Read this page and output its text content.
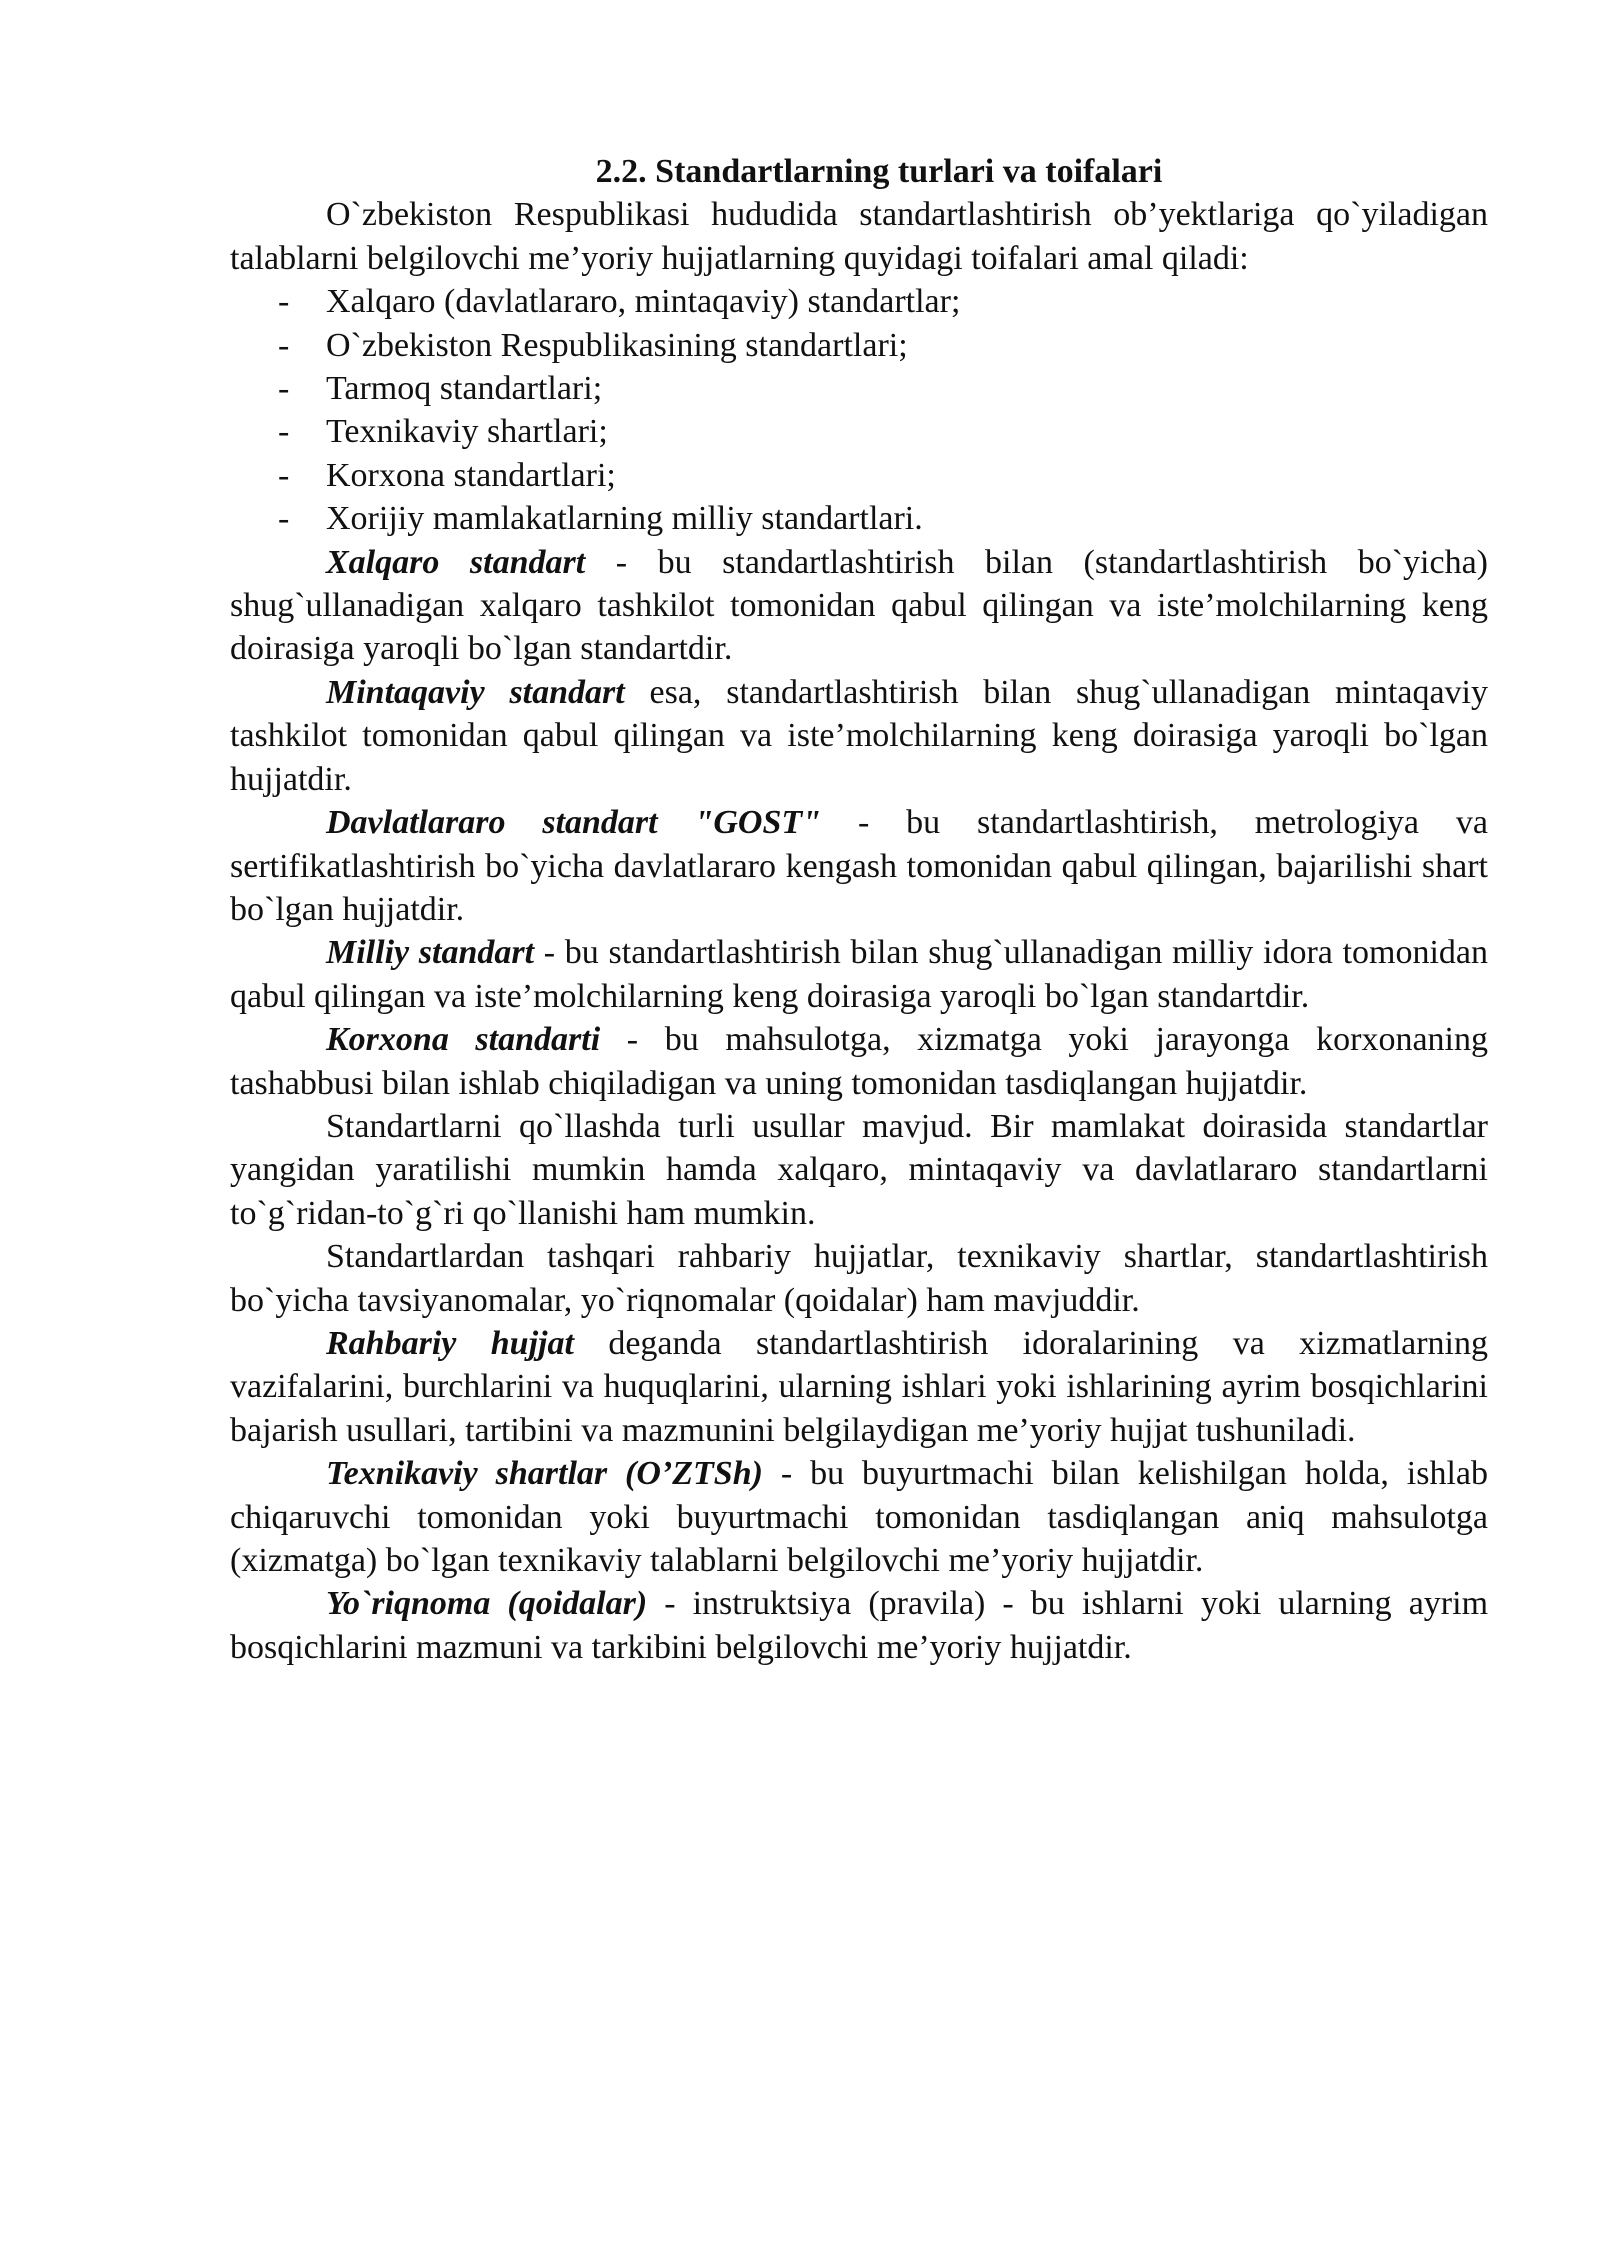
2.2. Standartlarning turlari va toifalari

O`zbekiston Respublikasi hududida standartlashtirish ob’yektlariga qo`yiladigan talablarni belgilovchi me’yoriy hujjatlarning quyidagi toifalari amal qiladi:

- Xalqaro (davlatlararo, mintaqaviy) standartlar;
- O`zbekiston Respublikasining standartlari;
- Tarmoq standartlari;
- Texnikaviy shartlari;
- Korxona standartlari;
- Xorijiy mamlakatlarning milliy standartlari.

Xalqaro standart - bu standartlashtirish bilan (standartlashtirish bo`yicha) shug`ullanadigan xalqaro tashkilot tomonidan qabul qilingan va iste’molchilarning keng doirasiga yaroqli bo`lgan standartdir.

Mintaqaviy standart esa, standartlashtirish bilan shug`ullanadigan mintaqaviy tashkilot tomonidan qabul qilingan va iste’molchilarning keng doirasiga yaroqli bo`lgan hujjatdir.

Davlatlararo standart "GOST" - bu standartlashtirish, metrologiya va sertifikatlashtirish bo`yicha davlatlararo kengash tomonidan qabul qilingan, bajarilishi shart bo`lgan hujjatdir.

Milliy standart - bu standartlashtirish bilan shug`ullanadigan milliy idora tomonidan qabul qilingan va iste’molchilarning keng doirasiga yaroqli bo`lgan standartdir.

Korxona standarti - bu mahsulotga, xizmatga yoki jarayonga korxonaning tashabbusi bilan ishlab chiqiladigan va uning tomonidan tasdiqlangan hujjatdir.

Standartlarni qo`llashda turli usullar mavjud. Bir mamlakat doirasida standartlar yangidan yaratilishi mumkin hamda xalqaro, mintaqaviy va davlatlararo standartlarni to`g`ridan-to`g`ri qo`llanishi ham mumkin.

Standartlardan tashqari rahbariy hujjatlar, texnikaviy shartlar, standartlashtirish bo`yicha tavsiyanomalar, yo`riqnomalar (qoidalar) ham mavjuddir.

Rahbariy hujjat deganda standartlashtirish idoralarining va xizmatlarning vazifalarini, burchlarini va huquqlarini, ularning ishlari yoki ishlarining ayrim bosqichlarini bajarish usullari, tartibini va mazmunini belgilaydigan me’yoriy hujjat tushuniladi.

Texnikaviy shartlar (O’ZTSh) - bu buyurtmachi bilan kelishilgan holda, ishlab chiqaruvchi tomonidan yoki buyurtmachi tomonidan tasdiqlangan aniq mahsulotga (xizmatga) bo`lgan texnikaviy talablarni belgilovchi me’yoriy hujjatdir.

Yo`riqnoma (qoidalar) - instruktsiya (pravila) - bu ishlarni yoki ularning ayrim bosqichlarini mazmuni va tarkibini belgilovchi me’yoriy hujjatdir.
